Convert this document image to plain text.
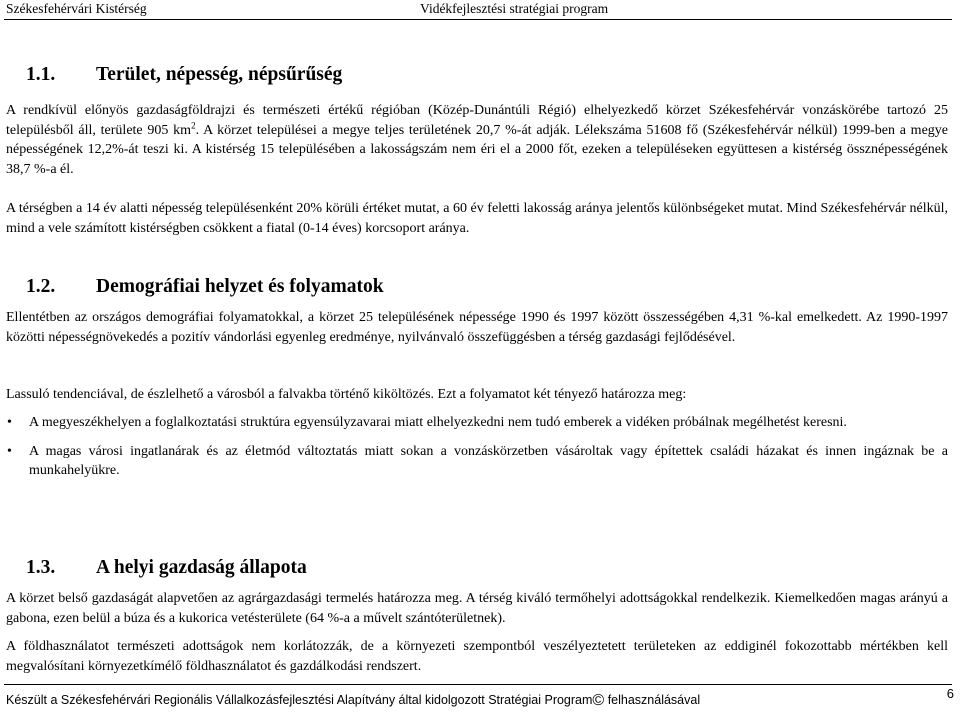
Székesfehérvári Kistérség	Vidékfejlesztési stratégiai program
1.1.	Terület, népesség, népsűrűség

A rendkívül előnyös gazdaságföldrajzi és természeti értékű régióban (Közép-Dunántúli Régió) elhelyezkedő körzet Székesfehérvár vonzáskörébe tartozó 25 településből áll, területe 905 $km^2$. A körzet települései a megye teljes területének 20,7 %-át adják. Lélekszáma 51608 fő (Székesfehérvár nélkül) 1999-ben a megye népességének 12,2%-át teszi ki. A kistérség 15 településében a lakosságszám nem éri el a 2000 főt, ezeken a településeken együttesen a kistérség össznépességének 38,7 %-a él.

A térségben a 14 év alatti népesség településenként 20% körüli értéket mutat, a 60 év feletti lakosság aránya jelentős különbségeket mutat. Mind Székesfehérvár nélkül, mind a vele számított kistérségben csökkent a fiatal (0-14 éves) korcsoport aránya.

1.2.	Demográfiai helyzet és folyamatok

Ellentétben az országos demográfiai folyamatokkal, a körzet 25 településének népessége 1990 és 1997 között összességében 4,31 %-kal emelkedett. Az 1990-1997 közötti népességnövekedés a pozitív vándorlási egyenleg eredménye, nyilvánvaló összefüggésben a térség gazdasági fejlődésével.

Lassuló tendenciával, de észlelhető a városból a falvakba történő kiköltözés. Ezt a folyamatot két tényező határozza meg:

• A megyeszékhelyen a foglalkoztatási struktúra egyensúlyzavarai miatt elhelyezkedni nem tudó emberek a vidéken próbálnak megélhetést keresni.
• A magas városi ingatlanárak és az életmód változtatás miatt sokan a vonzáskörzetben vásároltak vagy építettek családi házakat és innen ingáznak be a munkahelyükre.
1.3.	A helyi gazdaság állapota

A körzet belső gazdaságát alapvetően az agrárgazdasági termelés határozza meg. A térség kiváló termőhelyi adottságokkal rendelkezik. Kiemelkedően magas arányú a gabona, ezen belül a búza és a kukorica vetésterülete (64 %-a a művelt szántóterületnek).

A földhasználatot természeti adottságok nem korlátozzák, de a környezeti szempontból veszélyeztetett területeken az eddiginél fokozottabb mértékben kell megvalósítani környezetkímélő földhasználatot és gazdálkodási rendszert.

Készült a Székesfehérvári Regionális Vállalkozásfejlesztési Alapítvány által kidolgozott Stratégiai Program© felhasználásával	6
